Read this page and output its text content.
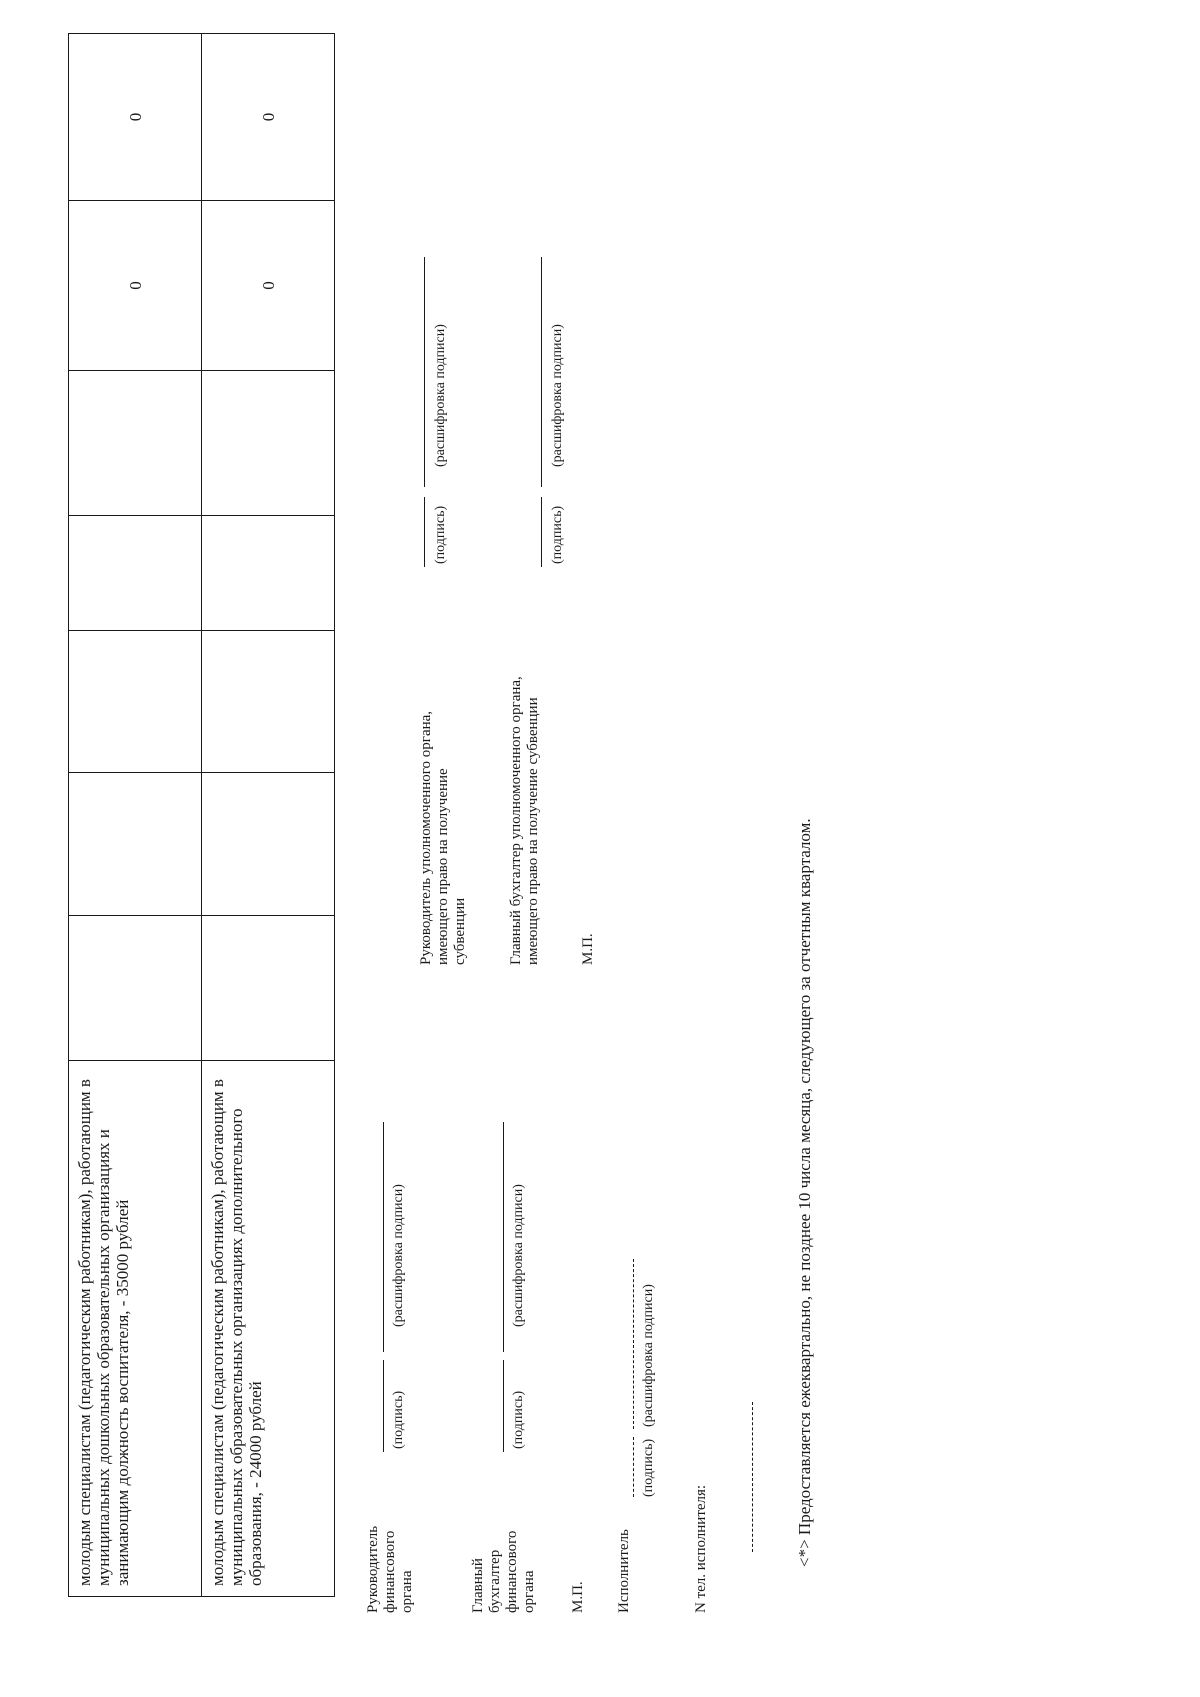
молодым специалистам (педагогическим работникам), работающим в муниципальных дошкольных образовательных организациях и занимающим должность воспитателя, - 35000 рублей						0	0
молодым специалистам (педагогическим работникам), работающим в муниципальных образовательных организациях дополнительного образования, - 24000 рублей						0	0
Руководитель финансового органа
(подпись)
(расшифровка подписи)
Главный бухгалтер финансового органа
(подпись)
(расшифровка подписи)
М.П. Исполнитель
(подпись)
(расшифровка подписи)
N тел. исполнителя:
Руководитель уполномоченного органа, имеющего право на получение субвенции
(подпись)
(расшифровка подписи)
Главный бухгалтер уполномоченного органа, имеющего право на получение субвенции
(подпись)
(расшифровка подписи)
М.П.	<*> Предоставляется ежеквартально, не позднее 10 числа месяца, следующего за отчетным кварталом.
